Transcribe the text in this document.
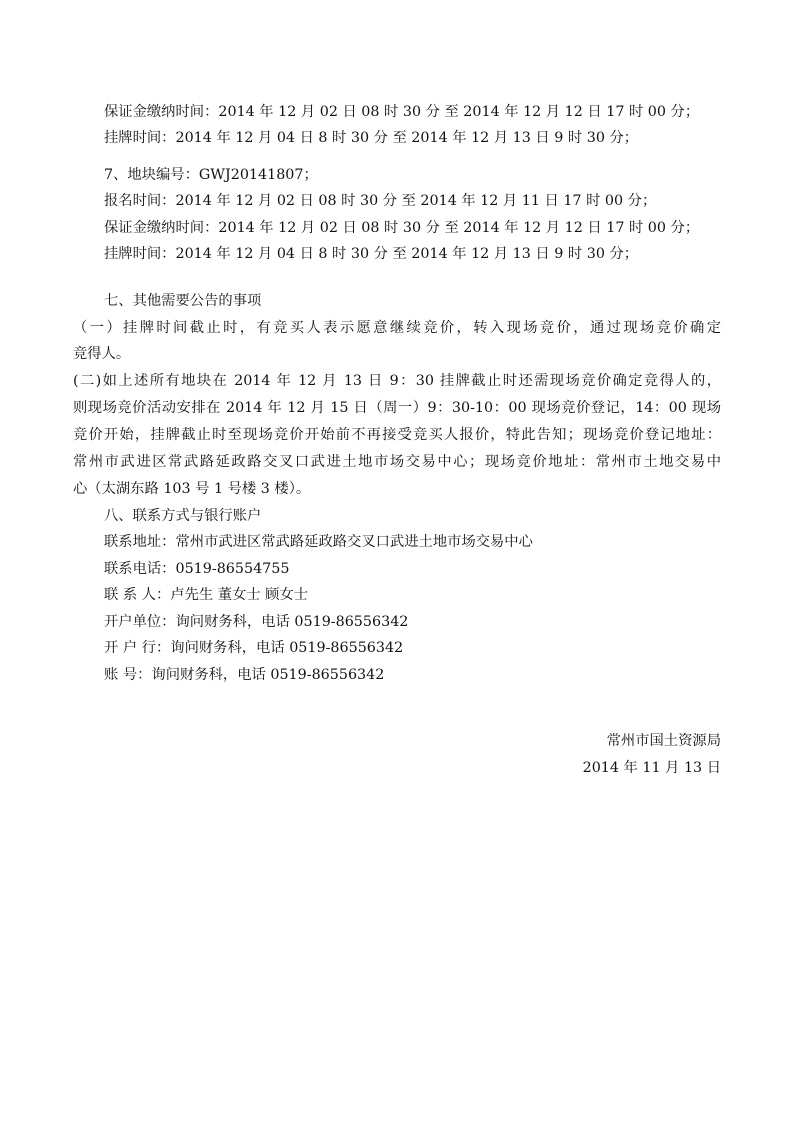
保证金缴纳时间：2014 年 12 月 02 日 08 时 30 分 至 2014 年 12 月 12 日 17 时 00 分；
挂牌时间：2014 年 12 月 04 日 8 时 30 分 至 2014 年 12 月 13 日 9 时 30 分；
7、地块编号：GWJ20141807；
报名时间：2014 年 12 月 02 日 08 时 30 分 至 2014 年 12 月 11 日 17 时 00 分；
保证金缴纳时间：2014 年 12 月 02 日 08 时 30 分 至 2014 年 12 月 12 日 17 时 00 分；
挂牌时间：2014 年 12 月 04 日 8 时 30 分 至 2014 年 12 月 13 日 9 时 30 分；
七、其他需要公告的事项
（一）挂牌时间截止时，有竞买人表示愿意继续竞价，转入现场竞价，通过现场竞价确定
竞得人。
(二)如上述所有地块在 2014 年 12 月 13 日 9：30 挂牌截止时还需现场竞价确定竞得人的，
则现场竞价活动安排在 2014 年 12 月 15 日（周一）9：30-10：00 现场竞价登记，14：00 现场
竞价开始，挂牌截止时至现场竞价开始前不再接受竞买人报价，特此告知；现场竞价登记地址：
常州市武进区常武路延政路交叉口武进土地市场交易中心；现场竞价地址：常州市土地交易中
心（太湖东路 103 号 1 号楼 3 楼）。
八、联系方式与银行账户
联系地址：常州市武进区常武路延政路交叉口武进土地市场交易中心
联系电话：0519-86554755
联 系 人：卢先生 董女士 顾女士
开户单位：询问财务科，电话 0519-86556342
开 户 行：询问财务科，电话 0519-86556342
账 号：询问财务科，电话 0519-86556342
常州市国土资源局
2014 年 11 月 13 日
